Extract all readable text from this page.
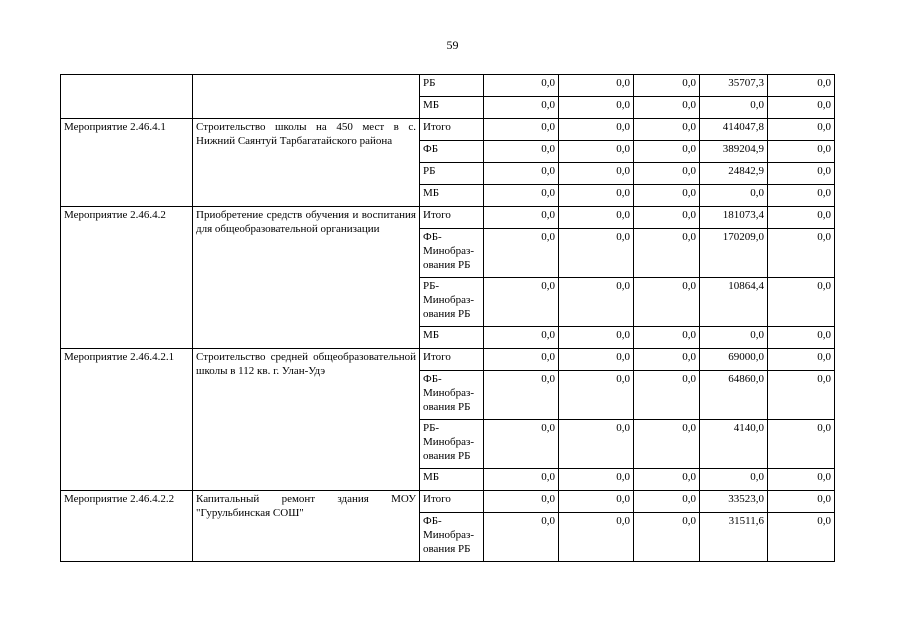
59
		РБ	0,0	0,0	0,0	35707,3	0,0
		МБ	0,0	0,0	0,0	0,0	0,0
Мероприятие 2.46.4.1	Строительство школы на 450 мест в с. Нижний Саянтуй Тарбагатайского района	Итого	0,0	0,0	0,0	414047,8	0,0
		ФБ	0,0	0,0	0,0	389204,9	0,0
		РБ	0,0	0,0	0,0	24842,9	0,0
		МБ	0,0	0,0	0,0	0,0	0,0
Мероприятие 2.46.4.2	Приобретение средств обучения и воспитания для общеобразовательной организации	Итого	0,0	0,0	0,0	181073,4	0,0
		ФБ-Минобразования РБ	0,0	0,0	0,0	170209,0	0,0
		РБ-Минобразования РБ	0,0	0,0	0,0	10864,4	0,0
		МБ	0,0	0,0	0,0	0,0	0,0
Мероприятие 2.46.4.2.1	Строительство средней общеобразовательной школы в 112 кв. г. Улан-Удэ	Итого	0,0	0,0	0,0	69000,0	0,0
		ФБ-Минобразования РБ	0,0	0,0	0,0	64860,0	0,0
		РБ-Минобразования РБ	0,0	0,0	0,0	4140,0	0,0
		МБ	0,0	0,0	0,0	0,0	0,0
Мероприятие 2.46.4.2.2	Капитальный ремонт здания МОУ "Гурульбинская СОШ"	Итого	0,0	0,0	0,0	33523,0	0,0
		ФБ-Минобразования РБ	0,0	0,0	0,0	31511,6	0,0
